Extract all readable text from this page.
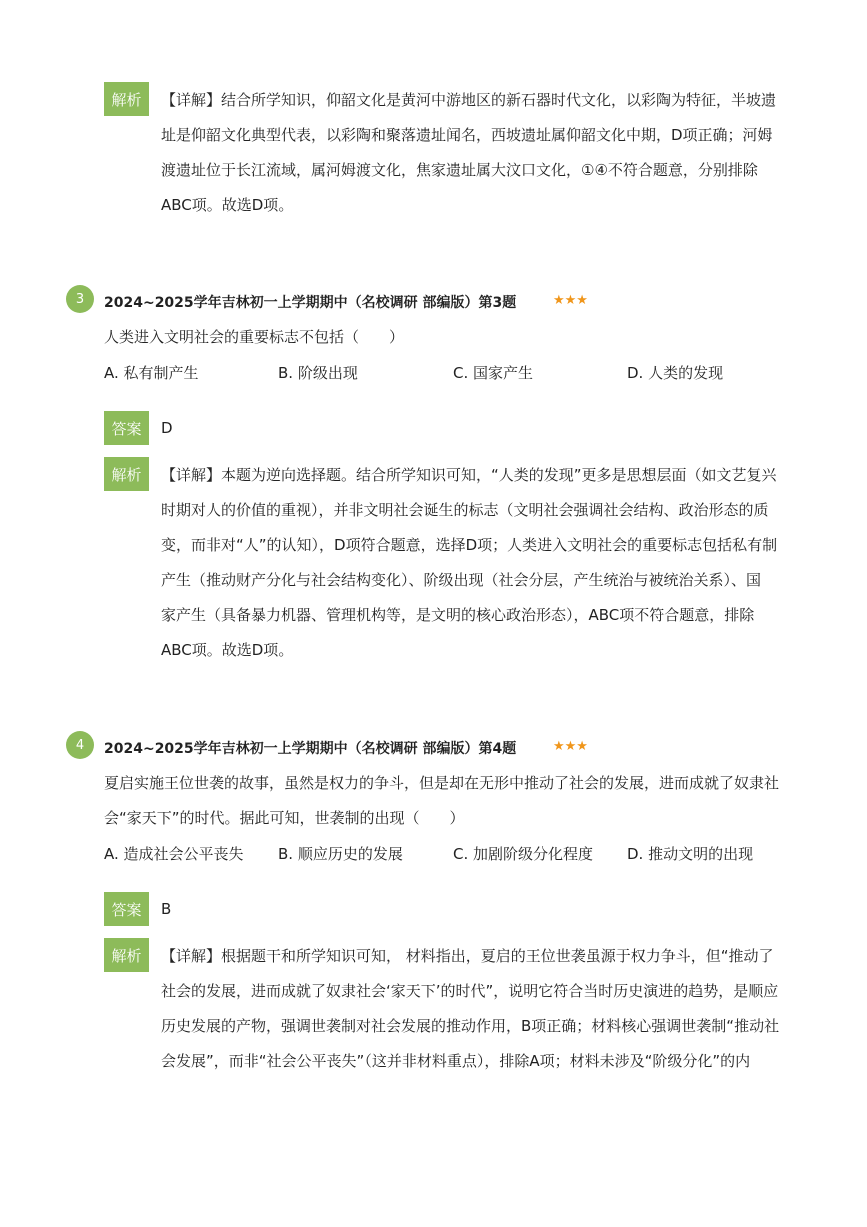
解析	【详解】结合所学知识，仰韶文化是黄河中游地区的新石器时代文化，以彩陶为特征，半坡遗
址是仰韶文化典型代表，以彩陶和聚落遗址闻名，西坡遗址属仰韶文化中期，D项正确；河姆
渡遗址位于长江流域，属河姆渡文化，焦家遗址属大汶口文化，①④不符合题意，分别排除
ABC项。故选D项。
3	2024~2025学年吉林初一上学期期中（名校调研 部编版）第3题	★★★
人类进入文明社会的重要标志不包括（　　）
A. 私有制产生	B. 阶级出现	C. 国家产生	D. 人类的发现
答案	D
解析	【详解】本题为逆向选择题。结合所学知识可知，“人类的发现”更多是思想层面（如文艺复兴
时期对人的价值的重视），并非文明社会诞生的标志（文明社会强调社会结构、政治形态的质
变，而非对“人”的认知），D项符合题意，选择D项；人类进入文明社会的重要标志包括私有制
产生（推动财产分化与社会结构变化）、阶级出现（社会分层，产生统治与被统治关系）、国
家产生（具备暴力机器、管理机构等，是文明的核心政治形态），ABC项不符合题意，排除
ABC项。故选D项。
4	2024~2025学年吉林初一上学期期中（名校调研 部编版）第4题	★★★
夏启实施王位世袭的故事，虽然是权力的争斗，但是却在无形中推动了社会的发展，进而成就了奴隶社
会“家天下”的时代。据此可知，世袭制的出现（　　）
A. 造成社会公平丧失 B. 顺应历史的发展	C. 加剧阶级分化程度 D. 推动文明的出现
答案	B
解析	【详解】根据题干和所学知识可知， 材料指出，夏启的王位世袭虽源于权力争斗，但“推动了
社会的发展，进而成就了奴隶社会‘家天下’的时代”，说明它符合当时历史演进的趋势，是顺应
历史发展的产物，强调世袭制对社会发展的推动作用，B项正确；材料核心强调世袭制“推动社
会发展”，而非“社会公平丧失”（这并非材料重点），排除A项；材料未涉及“阶级分化”的内
